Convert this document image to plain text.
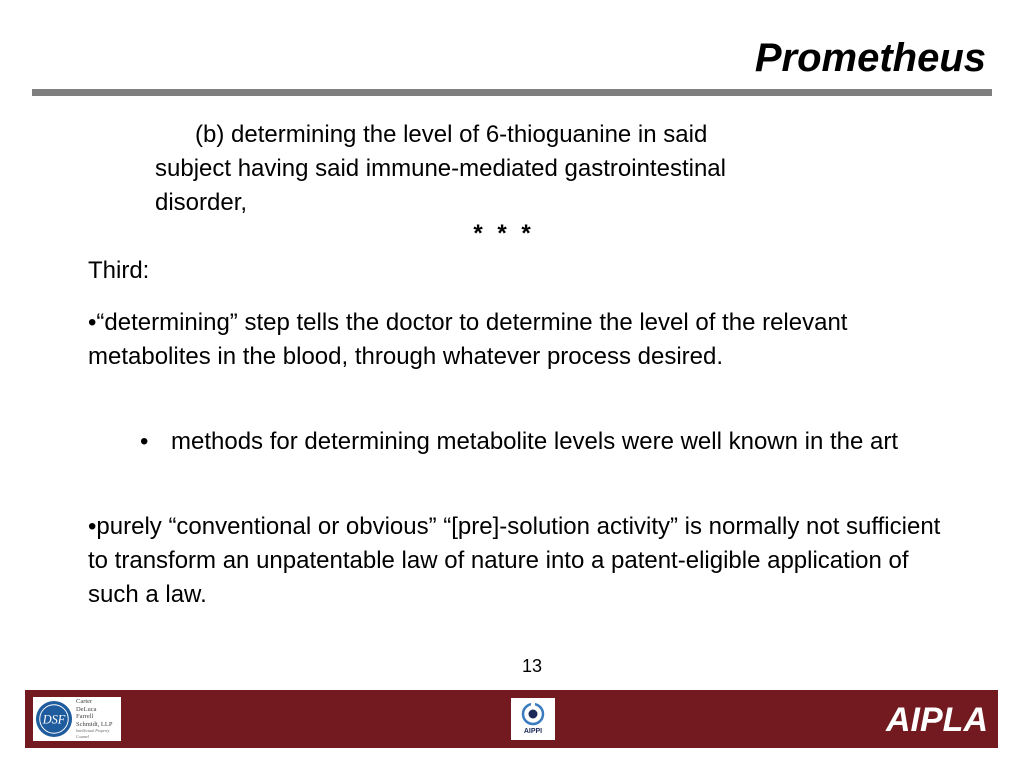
Prometheus
(b) determining the level of 6-thioguanine in said
subject having said immune-mediated gastrointestinal
disorder,
* * *

Third:

•“determining” step tells the doctor to determine the level of the relevant metabolites in the blood, through whatever process desired.

• methods for determining metabolite levels were well known in the art

•purely “conventional or obvious” “[pre]-solution activity” is normally not sufficient to transform an unpatentable law of nature into a patent-eligible application of such a law.

13
DSF
Carter
DeLuca
Farrell
Schmidt, LLP
Intellectual Property Counsel
AIPPI	AIPLA
